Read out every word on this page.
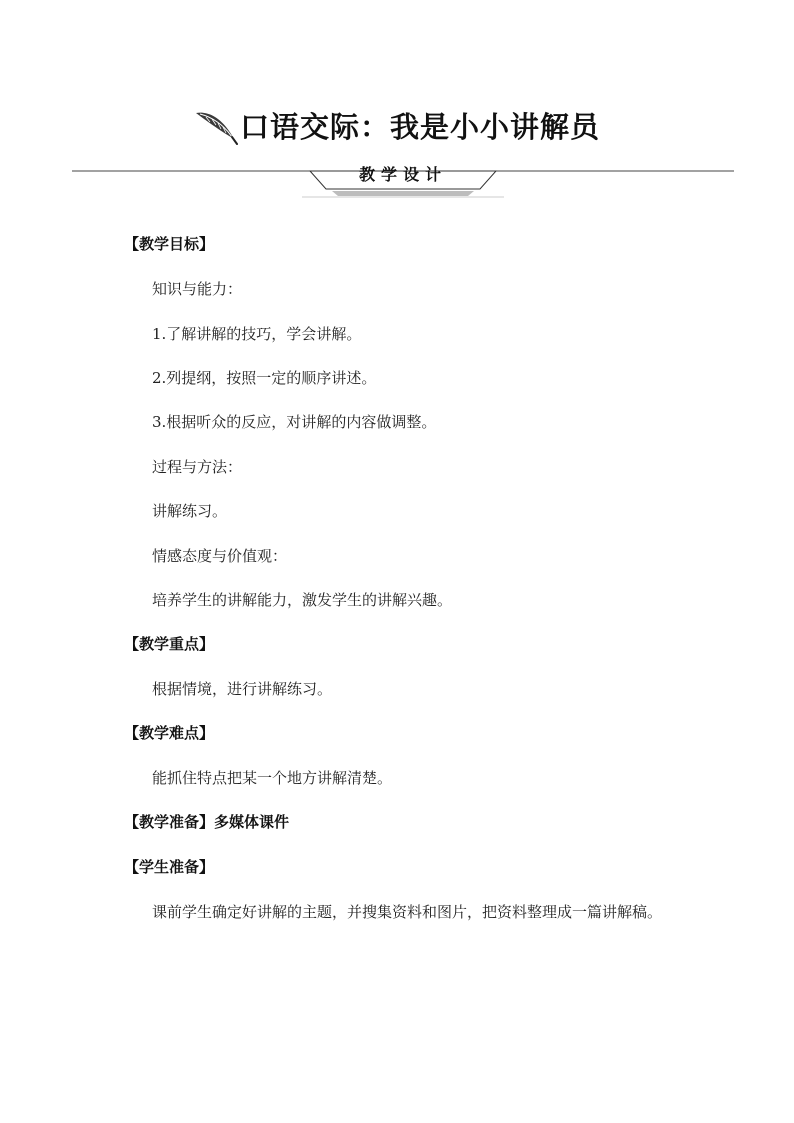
口语交际：我是小小讲解员
教学设计
【教学目标】
知识与能力：
1.了解讲解的技巧，学会讲解。
2.列提纲，按照一定的顺序讲述。
3.根据听众的反应，对讲解的内容做调整。
过程与方法：
讲解练习。
情感态度与价值观：
培养学生的讲解能力，激发学生的讲解兴趣。
【教学重点】
根据情境，进行讲解练习。
【教学难点】
能抓住特点把某一个地方讲解清楚。
【教学准备】多媒体课件
【学生准备】
课前学生确定好讲解的主题，并搜集资料和图片，把资料整理成一篇讲解稿。
